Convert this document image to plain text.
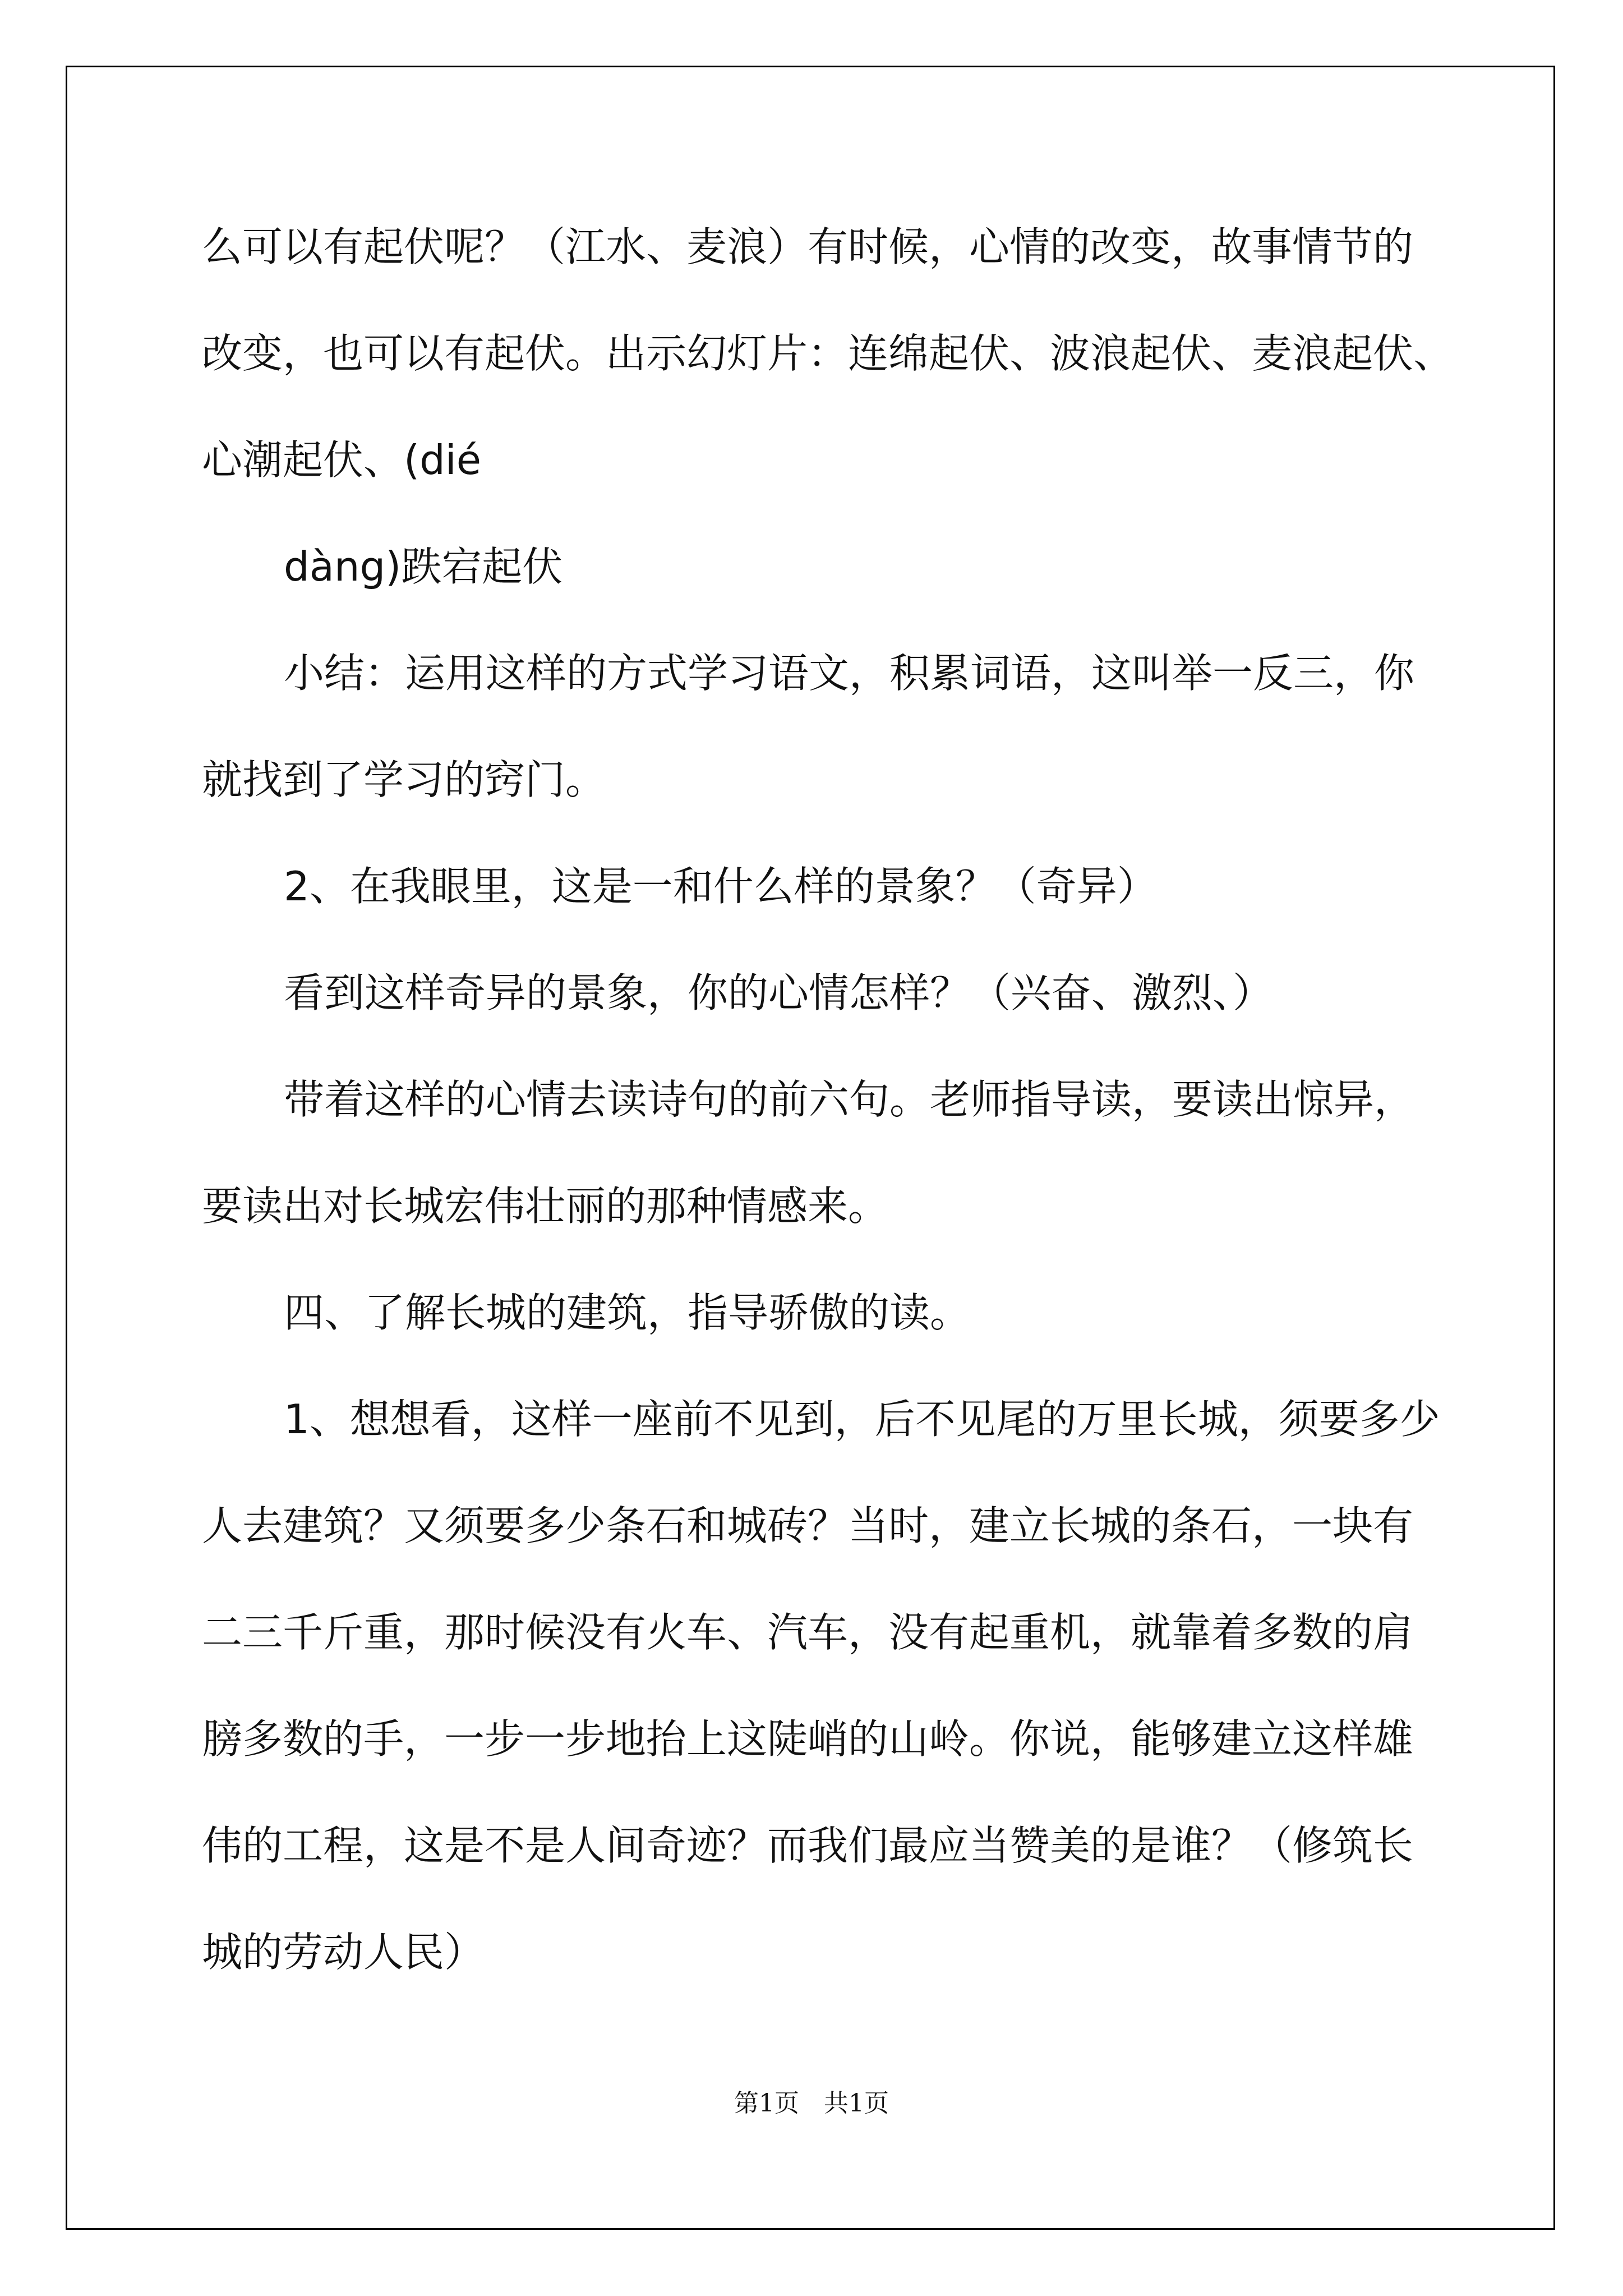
么可以有起伏呢？（江水、麦浪）有时候，心情的改变，故事情节的
改变，也可以有起伏。出示幻灯片：连绵起伏、波浪起伏、麦浪起伏、
心潮起伏、(dié
dàng)跌宕起伏
小结：运用这样的方式学习语文，积累词语，这叫举一反三，你
就找到了学习的窍门。
2、在我眼里，这是一和什么样的景象？（奇异）
看到这样奇异的景象，你的心情怎样？（兴奋、激烈、）
带着这样的心情去读诗句的前六句。老师指导读，要读出惊异，
要读出对长城宏伟壮丽的那种情感来。
四、了解长城的建筑，指导骄傲的读。
1、想想看，这样一座前不见到，后不见尾的万里长城，须要多少
人去建筑？又须要多少条石和城砖？当时，建立长城的条石，一块有
二三千斤重，那时候没有火车、汽车，没有起重机，就靠着多数的肩
膀多数的手，一步一步地抬上这陡峭的山岭。你说，能够建立这样雄
伟的工程，这是不是人间奇迹？而我们最应当赞美的是谁？（修筑长
城的劳动人民）
第1页　共1页
